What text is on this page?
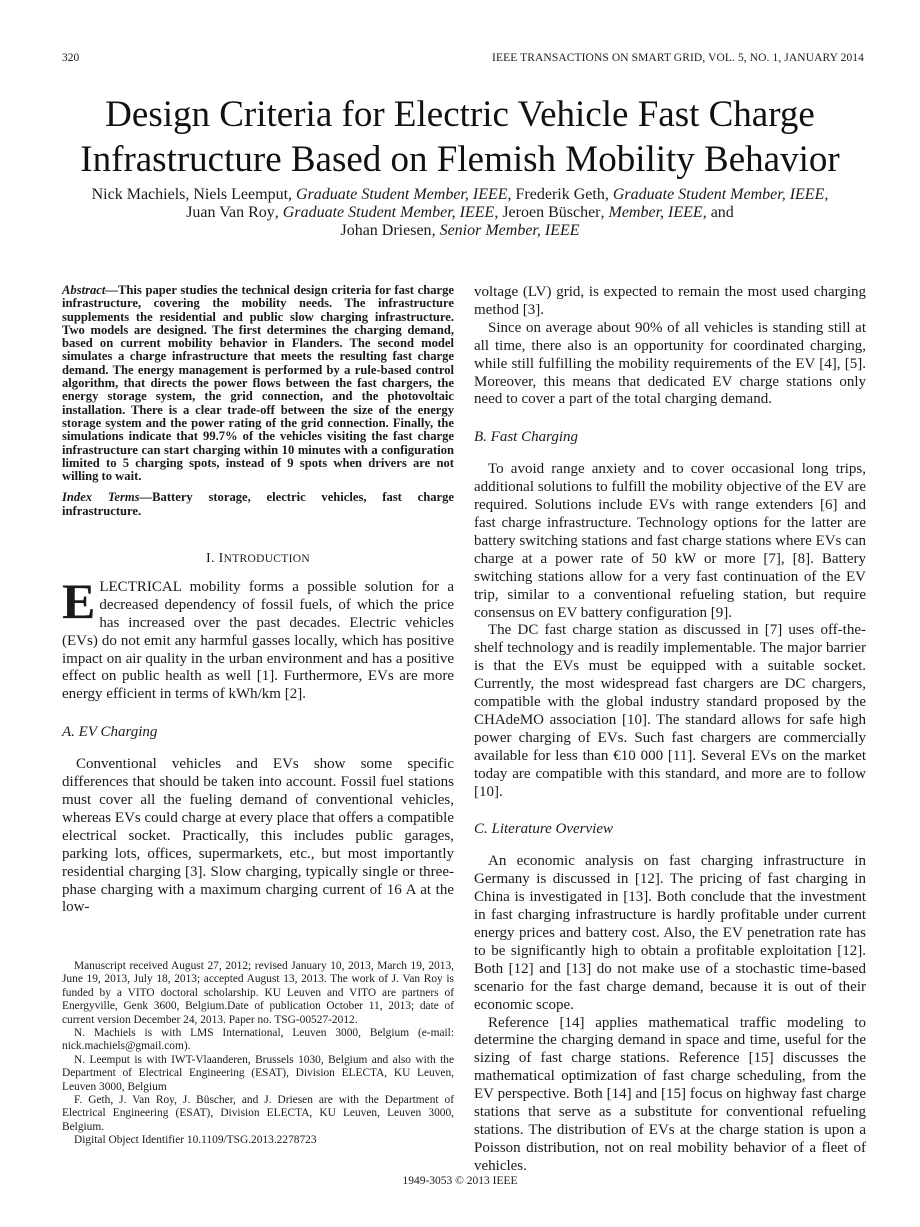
320	IEEE TRANSACTIONS ON SMART GRID, VOL. 5, NO. 1, JANUARY 2014
Design Criteria for Electric Vehicle Fast Charge Infrastructure Based on Flemish Mobility Behavior
Nick Machiels, Niels Leemput, Graduate Student Member, IEEE, Frederik Geth, Graduate Student Member, IEEE,
Juan Van Roy, Graduate Student Member, IEEE, Jeroen Büscher, Member, IEEE, and
Johan Driesen, Senior Member, IEEE

Abstract—This paper studies the technical design criteria for fast charge infrastructure, covering the mobility needs. The infrastructure supplements the residential and public slow charging infrastructure. Two models are designed. The first determines the charging demand, based on current mobility behavior in Flanders. The second model simulates a charge infrastructure that meets the resulting fast charge demand. The energy management is performed by a rule-based control algorithm, that directs the power flows between the fast chargers, the energy storage system, the grid connection, and the photovoltaic installation. There is a clear trade-off between the size of the energy storage system and the power rating of the grid connection. Finally, the simulations indicate that 99.7% of the vehicles visiting the fast charge infrastructure can start charging within 10 minutes with a configuration limited to 5 charging spots, instead of 9 spots when drivers are not willing to wait.

Index Terms—Battery storage, electric vehicles, fast charge infrastructure.

I. INTRODUCTION

ELECTRICAL mobility forms a possible solution for a decreased dependency of fossil fuels, of which the price has increased over the past decades. Electric vehicles (EVs) do not emit any harmful gasses locally, which has positive impact on air quality in the urban environment and has a positive effect on public health as well [1]. Furthermore, EVs are more energy efficient in terms of kWh/km [2].

A. EV Charging

Conventional vehicles and EVs show some specific differences that should be taken into account. Fossil fuel stations must cover all the fueling demand of conventional vehicles, whereas EVs could charge at every place that offers a compatible electrical socket. Practically, this includes public garages, parking lots, offices, supermarkets, etc., but most importantly residential charging [3]. Slow charging, typically single or three-phase charging with a maximum charging current of 16 A at the low-

Manuscript received August 27, 2012; revised January 10, 2013, March 19, 2013, June 19, 2013, July 18, 2013; accepted August 13, 2013. The work of J. Van Roy is funded by a VITO doctoral scholarship. KU Leuven and VITO are partners of Energyville, Genk 3600, Belgium.Date of publication October 11, 2013; date of current version December 24, 2013. Paper no. TSG-00527-2012.

N. Machiels is with LMS International, Leuven 3000, Belgium (e-mail: nick.machiels@gmail.com).

N. Leemput is with IWT-Vlaanderen, Brussels 1030, Belgium and also with the Department of Electrical Engineering (ESAT), Division ELECTA, KU Leuven, Leuven 3000, Belgium

F. Geth, J. Van Roy, J. Büscher, and J. Driesen are with the Department of Electrical Engineering (ESAT), Division ELECTA, KU Leuven, Leuven 3000, Belgium.

Digital Object Identifier 10.1109/TSG.2013.2278723

voltage (LV) grid, is expected to remain the most used charging method [3].

Since on average about 90% of all vehicles is standing still at all time, there also is an opportunity for coordinated charging, while still fulfilling the mobility requirements of the EV [4], [5]. Moreover, this means that dedicated EV charge stations only need to cover a part of the total charging demand.

B. Fast Charging

To avoid range anxiety and to cover occasional long trips, additional solutions to fulfill the mobility objective of the EV are required. Solutions include EVs with range extenders [6] and fast charge infrastructure. Technology options for the latter are battery switching stations and fast charge stations where EVs can charge at a power rate of 50 kW or more [7], [8]. Battery switching stations allow for a very fast continuation of the EV trip, similar to a conventional refueling station, but require consensus on EV battery configuration [9].

The DC fast charge station as discussed in [7] uses off-the-shelf technology and is readily implementable. The major barrier is that the EVs must be equipped with a suitable socket. Currently, the most widespread fast chargers are DC chargers, compatible with the global industry standard proposed by the CHAdeMO association [10]. The standard allows for safe high power charging of EVs. Such fast chargers are commercially available for less than €10 000 [11]. Several EVs on the market today are compatible with this standard, and more are to follow [10].

C. Literature Overview

An economic analysis on fast charging infrastructure in Germany is discussed in [12]. The pricing of fast charging in China is investigated in [13]. Both conclude that the investment in fast charging infrastructure is hardly profitable under current energy prices and battery cost. Also, the EV penetration rate has to be significantly high to obtain a profitable exploitation [12]. Both [12] and [13] do not make use of a stochastic time-based scenario for the fast charge demand, because it is out of their economic scope.

Reference [14] applies mathematical traffic modeling to determine the charging demand in space and time, useful for the sizing of fast charge stations. Reference [15] discusses the mathematical optimization of fast charge scheduling, from the EV perspective. Both [14] and [15] focus on highway fast charge stations that serve as a substitute for conventional refueling stations. The distribution of EVs at the charge station is upon a Poisson distribution, not on real mobility behavior of a fleet of vehicles.

1949-3053 © 2013 IEEE
